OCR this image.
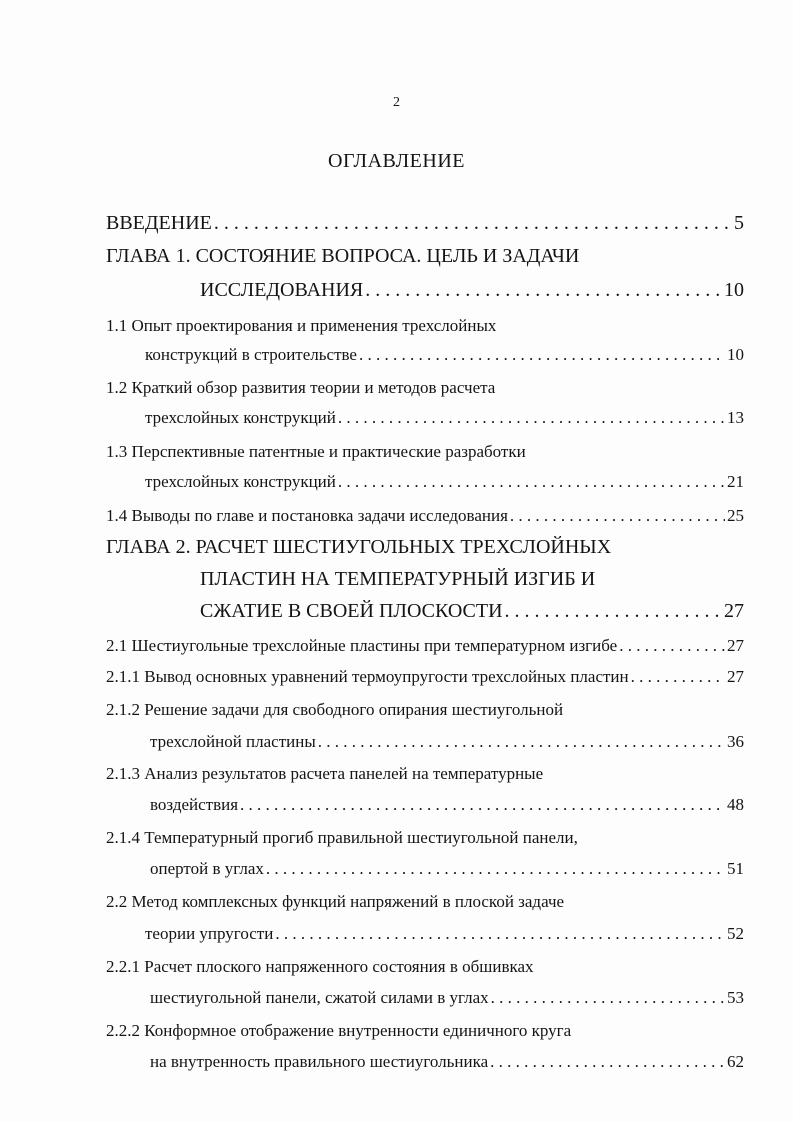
2
ОГЛАВЛЕНИЕ
ВВЕДЕНИЕ . . .	5
ГЛАВА 1. СОСТОЯНИЕ ВОПРОСА. ЦЕЛЬ И ЗАДАЧИ
ИССЛЕДОВАНИЯ . . .	10
1.1 Опыт проектирования и применения трехслойных
конструкций в строительстве . . .	10
1.2 Краткий обзор развития теории и методов расчета
трехслойных конструкций . . .	13
1.3 Перспективные патентные и практические разработки
трехслойных конструкций . . .	21
1.4 Выводы по главе и постановка задачи исследования . . .	25
ГЛАВА 2. РАСЧЕТ ШЕСТИУГОЛЬНЫХ ТРЕХСЛОЙНЫХ
ПЛАСТИН НА ТЕМПЕРАТУРНЫЙ ИЗГИБ И
СЖАТИЕ В СВОЕЙ ПЛОСКОСТИ . . .	27
2.1 Шестиугольные трехслойные пластины при температурном изгибе . . .	27
2.1.1 Вывод основных уравнений термоупругости трехслойных пластин . . .	27
2.1.2 Решение задачи для свободного опирания шестиугольной
трехслойной пластины . . .	36
2.1.3 Анализ результатов расчета панелей на температурные
воздействия . . .	48
2.1.4 Температурный прогиб правильной шестиугольной панели,
опертой в углах . . .	51
2.2 Метод комплексных функций напряжений в плоской задаче
теории упругости . . .	52
2.2.1 Расчет плоского напряженного состояния в обшивках
шестиугольной панели, сжатой силами в углах . . .	53
2.2.2 Конформное отображение внутренности единичного круга
на внутренность правильного шестиугольника . . .	62
